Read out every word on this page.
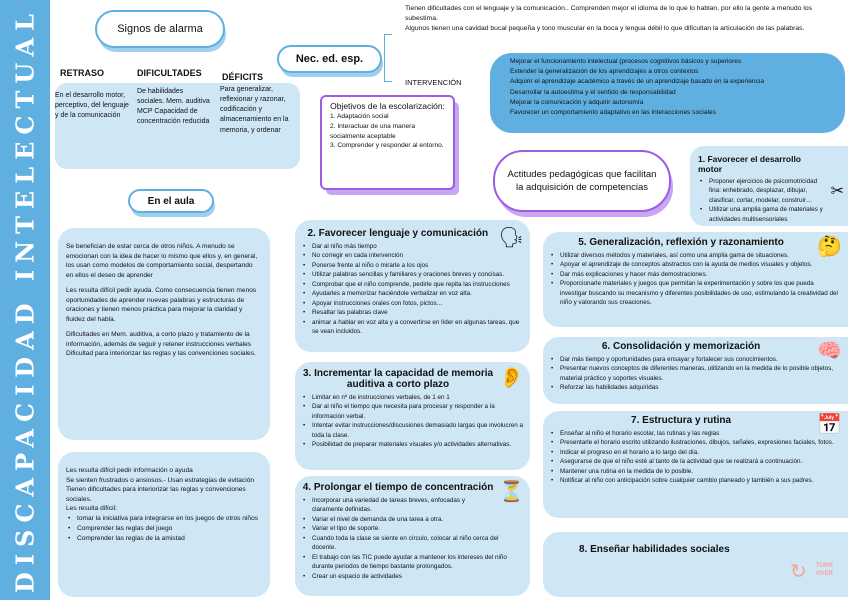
DISCAPACIDAD INTELECTUAL	Signos de alarma
RETRASO	DIFICULTADES DÉFICITS
En el desarrollo motor, perceptivo, del lenguaje y de la comunicación
De habilidades sociales. Mem. auditiva MCP Capacidad de concentración reducida
Para generalizar, reflexionar y razonar, codificación y almacenamiento en la memoria, y ordenar
Nec. ed. esp.
Tienen dificultades con el lenguaje y la comunicación.. Comprenden mejor el idioma de lo que lo hablan, por ello la gente a menudo los subestima.
Algunos tienen una cavidad bucal pequeña y tono muscular en la boca y lengua débil lo que dificultan la articulación de las palabras.
INTERVENCIÓN
Mejorar el funcionamiento intelectual (procesos cognitivos básicos y superiores
Extender la generalización de los aprendizajes a otros contextos
Adquirir el aprendizaje académico a través de un aprendizaje basado en la experiencia
Desarrollar la autoestima y el sentido de responsabilidad
Mejorar la comunicación y adquirir autonomía
Favorecer un comportamiento adaptativo en las interacciones sociales
Objetivos de la escolarización:
1. Adaptación social
2. Interactuar de una manera socialmente aceptable
3. Comprender y responder al entorno.
Actitudes pedagógicas que facilitan la adquisición de competencias
En el aula
Se benefician de estar cerca de otros niños. A menudo se emocionan con la idea de hacer lo mismo que ellos y, en general, los usan como modelos de comportamiento social, despertando en ellos el deseo de aprender
Les resulta difícil pedir ayuda. Como consecuencia tienen menos oportunidades de aprender nuevas palabras y estructuras de oraciones y tienen menos práctica para mejorar la claridad y fluidez del habla.
Dificultades en Mem. auditiva, a corto plazo y tratamiento de la información, además de seguir y retener instrucciones verbales
Dificultad para interiorizar las reglas y las convenciones sociales.
Les resulta difícil pedir información o ayuda
Se sienten frustrados o ansiosos.- Usan estrategias de evitación
Tienen dificultades para interiorizar las reglas y convenciones sociales.
Les resulta difícil:
• tomar la iniciativa para integrarse en los juegos de otros niños
• Comprender las reglas del juego
• Comprender las reglas de la amistad
✂
1. Favorecer el desarrollo motor
• Proponer ejercicios de psicomotricidad fina: enhebrado, desplazar, dibujar, clasificar, cortar, modelar, construir…
• Utilizar una amplia gama de materiales y actividades multisensoriales
🗣
2. Favorecer lenguaje y comunicación
• Dar al niño más tiempo
• No corregir en cada intervención
• Ponerse frente al niño o mirarle a los ojos
• Utilizar palabras sencillas y familiares y oraciones breves y concisas.
• Comprobar que el niño comprende, pedirle que repita las instrucciones
• Ayudarles a memorizar haciéndole verbalizar en voz alta.
• Apoyar instrucciones orales con fotos, pictos…
• Resaltar las palabras clave
• animar a hablar en voz alta y a convertirse en líder en algunas tareas, que se vean incluidos.
👂
3. Incrementar la capacidad de memoria auditiva a corto plazo
• Limitar en nº de instrucciones verbales, de 1 en 1
• Dar al niño el tiempo que necesita para procesar y responder a la información verbal.
• Intentar evitar instrucciones/discusiones demasiado largas que involucren a toda la clase.
• Posibilidad de preparar materiales visuales y/o actividades alternativas.
⏳
4. Prolongar el tiempo de concentración
• Incorporar una variedad de tareas breves, enfocadas y claramente definidas.
• Variar el nivel de demanda de una tarea a otra.
• Variar el tipo de soporte.
• Cuando toda la clase se siente en círculo, colocar al niño cerca del docente.
• El trabajo con las TIC puede ayudar a mantener los intereses del niño durante periodos de tiempo bastante prolongados.
• Crear un espacio de actividades
🤔
5. Generalización, reflexión y razonamiento
• Utilizar diversos métodos y materiales, así como una amplia gama de situaciones.
• Apoyar el aprendizaje de conceptos abstractos con la ayuda de medios visuales y objetos.
• Dar más explicaciones y hacer más demostraciones.
• Proporcionarle materiales y juegos que permitan la experimentación y sobre los que pueda investigar buscando su mecanismo y diferentes posibilidades de uso, estimulando la creatividad del niño y valorando sus creaciones.
🧠
6. Consolidación y memorización
• Dar más tiempo y oportunidades para ensayar y fortalecer sus conocimientos.
• Presentar nuevos conceptos de diferentes maneras, utilizando en la medida de lo posible objetos, material práctico y soportes visuales.
• Reforzar las habilidades adquiridas
📅
7. Estructura y rutina
• Enseñar al niño el horario escolar, las rutinas y las reglas
• Presentarle el horario escrito utilizando ilustraciones, dibujos, señales, expresiones faciales, fotos.
• Indicar el progreso en el horario a lo largo del día.
• Asegurarse de que el niño esté al tanto de la actividad que se realizará a continuación.
• Mantener una rutina en la medida de lo posible.
• Notificar al niño con anticipación sobre cualquier cambio planeado y también a sus padres.
8. Enseñar habilidades sociales
↻ TURN OVER
